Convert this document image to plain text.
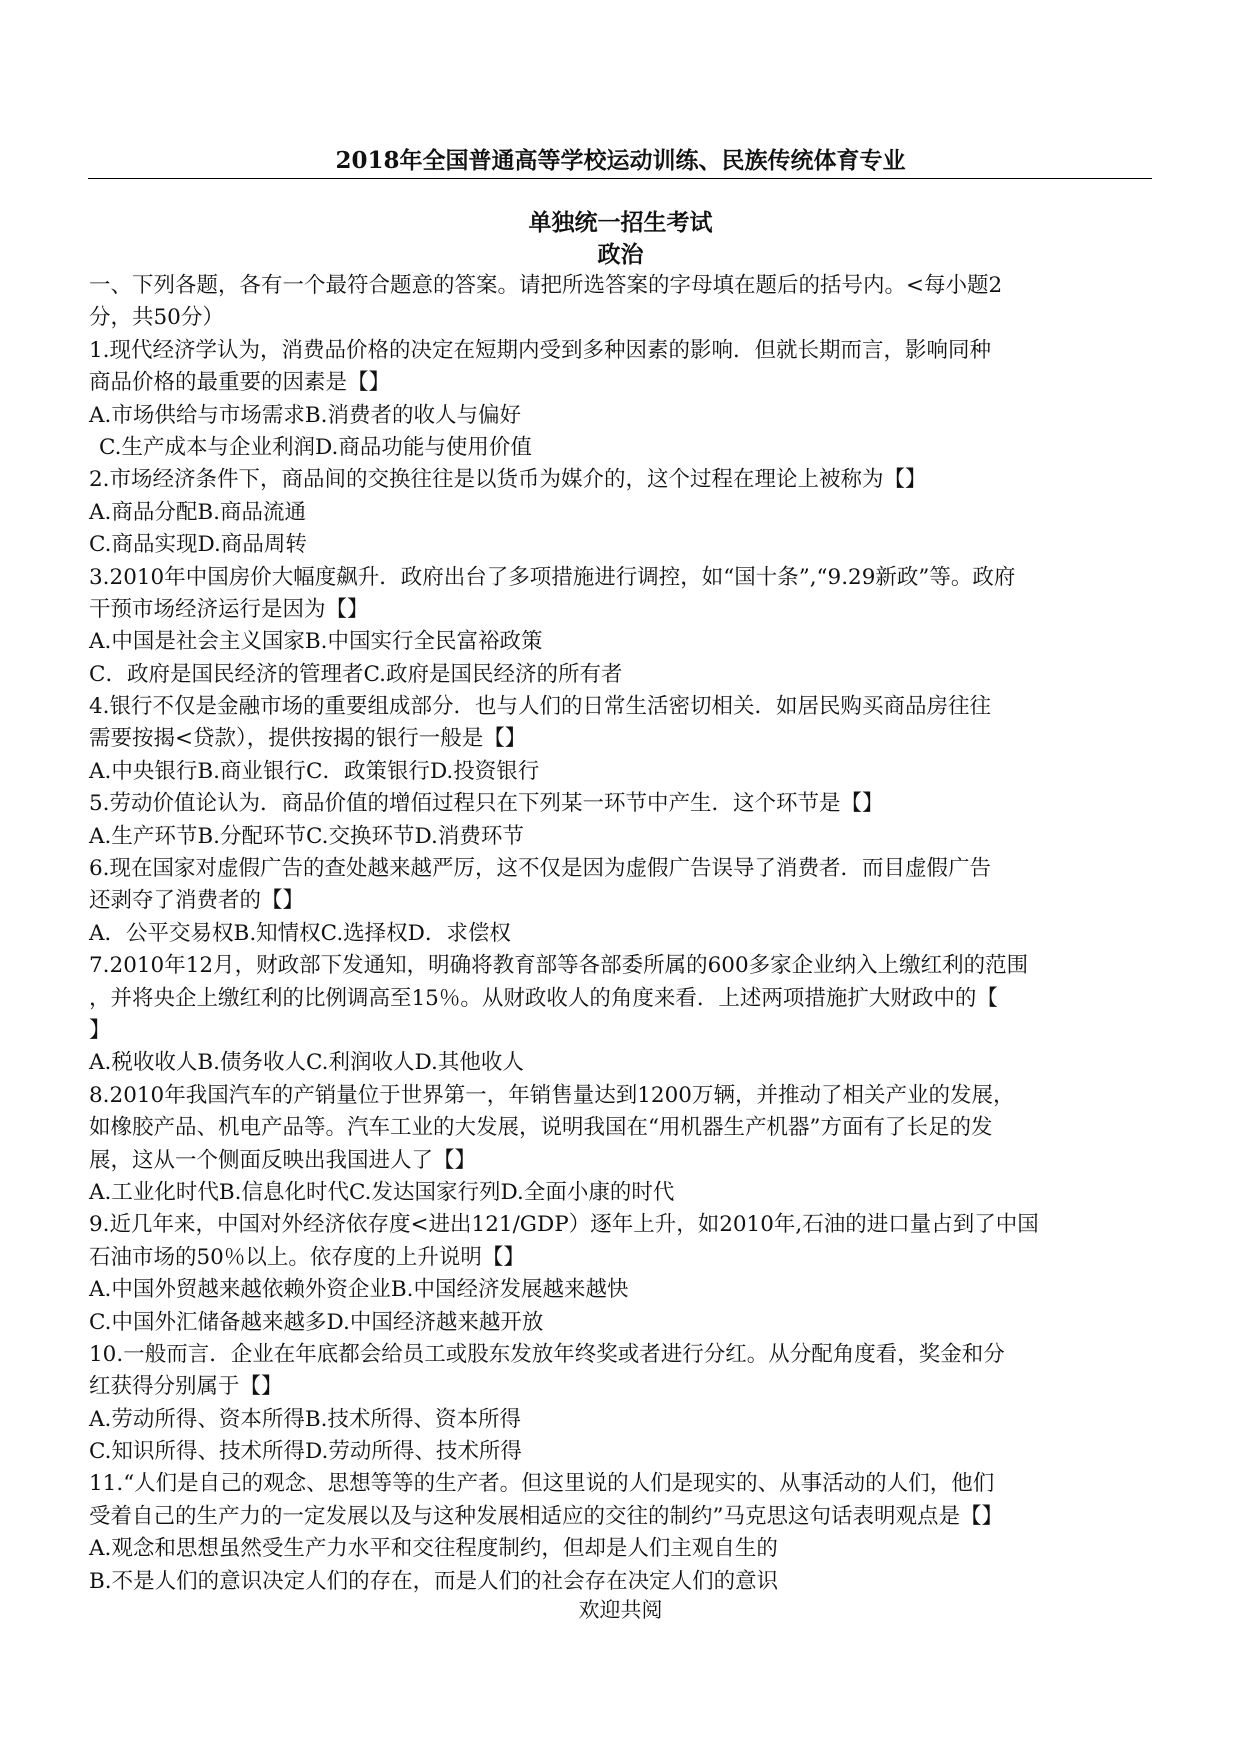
2018年全国普通高等学校运动训练、民族传统体育专业
单独统一招生考试
政治
一、下列各题，各有一个最符合题意的答案。请把所选答案的字母填在题后的括号内。<每小题2
分，共50分）
1.现代经济学认为，消费品价格的决定在短期内受到多种因素的影响．但就长期而言，影响同种
商品价格的最重要的因素是【】
A.市场供给与市场需求B.消费者的收人与偏好
C.生产成本与企业利润D.商品功能与使用价值
2.市场经济条件下，商品间的交换往往是以货币为媒介的，这个过程在理论上被称为【】
A.商品分配B.商品流通
C.商品实现D.商品周转
3.2010年中国房价大幅度飙升．政府出台了多项措施进行调控，如“国十条”,“9.29新政”等。政府
干预市场经济运行是因为【】
A.中国是社会主义国家B.中国实行全民富裕政策
C．政府是国民经济的管理者C.政府是国民经济的所有者
4.银行不仅是金融市场的重要组成部分．也与人们的日常生活密切相关．如居民购买商品房往往
需要按揭<贷款），提供按揭的银行一般是【】
A.中央银行B.商业银行C．政策银行D.投资银行
5.劳动价值论认为．商品价值的增佰过程只在下列某一环节中产生．这个环节是【】
A.生产环节B.分配环节C.交换环节D.消费环节
6.现在国家对虚假广告的查处越来越严厉，这不仅是因为虚假广告误导了消费者．而目虚假广告
还剥夺了消费者的【】
A．公平交易权B.知情权C.选择权D．求偿权
7.2010年12月，财政部下发通知，明确将教育部等各部委所属的600多家企业纳入上缴红利的范围
，并将央企上缴红利的比例调高至15％。从财政收人的角度来看．上述两项措施扩大财政中的【
】
A.税收收人B.债务收人C.利润收人D.其他收人
8.2010年我国汽车的产销量位于世界第一，年销售量达到1200万辆，并推动了相关产业的发展，
如橡胶产品、机电产品等。汽车工业的大发展，说明我国在“用机器生产机器”方面有了长足的发
展，这从一个侧面反映出我国进人了【】
A.工业化时代B.信息化时代C.发达国家行列D.全面小康的时代
9.近几年来，中国对外经济依存度<进出121/GDP）逐年上升，如2010年,石油的进口量占到了中国
石油市场的50％以上。依存度的上升说明【】
A.中国外贸越来越依赖外资企业B.中国经济发展越来越快
C.中国外汇储备越来越多D.中国经济越来越开放
10.一般而言．企业在年底都会给员工或股东发放年终奖或者进行分红。从分配角度看，奖金和分
红获得分别属于【】
A.劳动所得、资本所得B.技术所得、资本所得
C.知识所得、技术所得D.劳动所得、技术所得
11.“人们是自己的观念、思想等等的生产者。但这里说的人们是现实的、从事活动的人们，他们
受着自己的生产力的一定发展以及与这种发展相适应的交往的制约”马克思这句话表明观点是【】
A.观念和思想虽然受生产力水平和交往程度制约，但却是人们主观自生的
B.不是人们的意识决定人们的存在，而是人们的社会存在决定人们的意识
欢迎共阅
